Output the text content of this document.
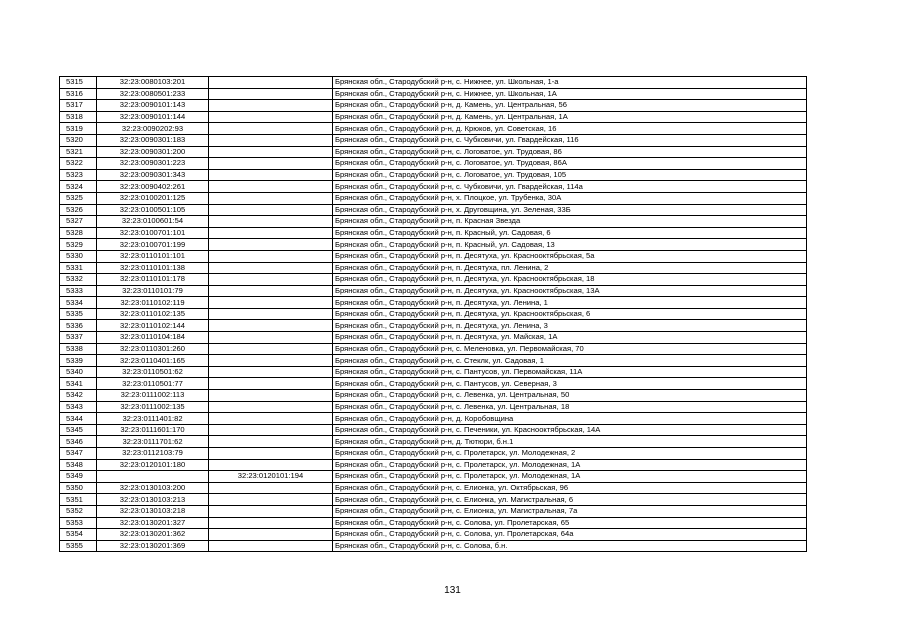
5315	32:23:0080103:201		Брянская обл., Стародубский р-н, с. Нижнее, ул. Школьная, 1-а
5316	32:23:0080501:233		Брянская обл., Стародубский р-н, с. Нижнее, ул. Школьная, 1А
5317	32:23:0090101:143		Брянская обл., Стародубский р-н, д. Камень, ул. Центральная, 56
5318	32:23:0090101:144		Брянская обл., Стародубский р-н, д. Камень, ул. Центральная, 1А
5319	32:23:0090202:93		Брянская обл., Стародубский р-н, д. Крюков, ул. Советская, 16
5320	32:23:0090301:183		Брянская обл., Стародубский р-н, с. Чубковичи, ул. Гвардейская, 116
5321	32:23:0090301:200		Брянская обл., Стародубский р-н, с. Логоватое, ул. Трудовая, 86
5322	32:23:0090301:223		Брянская обл., Стародубский р-н, с. Логоватое, ул. Трудовая, 86А
5323	32:23:0090301:343		Брянская обл., Стародубский р-н, с. Логоватое, ул. Трудовая, 105
5324	32:23:0090402:261		Брянская обл., Стародубский р-н, с. Чубковичи, ул. Гвардейская, 114а
5325	32:23:0100201:125		Брянская обл., Стародубский р-н, х. Плоцкое, ул. Трубенка, 30А
5326	32:23:0100501:105		Брянская обл., Стародубский р-н, х. Друговщина, ул. Зеленая, 33Б
5327	32:23:0100601:54		Брянская обл., Стародубский р-н, п. Красная Звезда
5328	32:23:0100701:101		Брянская обл., Стародубский р-н, п. Красный, ул. Садовая, 6
5329	32:23:0100701:199		Брянская обл., Стародубский р-н, п. Красный, ул. Садовая, 13
5330	32:23:0110101:101		Брянская обл., Стародубский р-н, п. Десятуха, ул. Краснооктябрьская, 5а
5331	32:23:0110101:138		Брянская обл., Стародубский р-н, п. Десятуха, пл. Ленина, 2
5332	32:23:0110101:178		Брянская обл., Стародубский р-н, п. Десятуха, ул. Краснооктябрьская, 18
5333	32:23:0110101:79		Брянская обл., Стародубский р-н, п. Десятуха, ул. Краснооктябрьская, 13А
5334	32:23:0110102:119		Брянская обл., Стародубский р-н, п. Десятуха, ул. Ленина, 1
5335	32:23:0110102:135		Брянская обл., Стародубский р-н, п. Десятуха, ул. Краснооктябрьская, 6
5336	32:23:0110102:144		Брянская обл., Стародубский р-н, п. Десятуха, ул. Ленина, 3
5337	32:23:0110104:184		Брянская обл., Стародубский р-н, п. Десятуха, ул. Майская, 1А
5338	32:23:0110301:260		Брянская обл., Стародубский р-н, с. Меленовка, ул. Первомайская, 70
5339	32:23:0110401:165		Брянская обл., Стародубский р-н, с. Стеклк, ул. Садовая, 1
5340	32:23:0110501:62		Брянская обл., Стародубский р-н, с. Пантусов, ул. Первомайская, 11А
5341	32:23:0110501:77		Брянская обл., Стародубский р-н, с. Пантусов, ул. Северная, 3
5342	32:23:0111002:113		Брянская обл., Стародубский р-н, с. Левенка, ул. Центральная, 50
5343	32:23:0111002:135		Брянская обл., Стародубский р-н, с. Левенка, ул. Центральная, 18
5344	32:23:0111401:82		Брянская обл., Стародубский р-н, д. Коробовщина
5345	32:23:0111601:170		Брянская обл., Стародубский р-н, с. Печеники, ул. Краснооктябрьская, 14А
5346	32:23:0111701:62		Брянская обл., Стародубский р-н, д. Тютюри, б.н.1
5347	32:23:0112103:79		Брянская обл., Стародубский р-н, с. Пролетарск, ул. Молодежная, 2
5348	32:23:0120101:180		Брянская обл., Стародубский р-н, с. Пролетарск, ул. Молодежная, 1А
5349		32:23:0120101:194	Брянская обл., Стародубский р-н, с. Пролетарск, ул. Молодежная, 1А
5350	32:23:0130103:200		Брянская обл., Стародубский р-н, с. Елионка, ул. Октябрьская, 96
5351	32:23:0130103:213		Брянская обл., Стародубский р-н, с. Елионка, ул. Магистральная, 6
5352	32:23:0130103:218		Брянская обл., Стародубский р-н, с. Елионка, ул. Магистральная, 7а
5353	32:23:0130201:327		Брянская обл., Стародубский р-н, с. Солова, ул. Пролетарская, 65
5354	32:23:0130201:362		Брянская обл., Стародубский р-н, с. Солова, ул. Пролетарская, 64а
5355	32:23:0130201:369		Брянская обл., Стародубский р-н, с. Солова, б.н.
131
